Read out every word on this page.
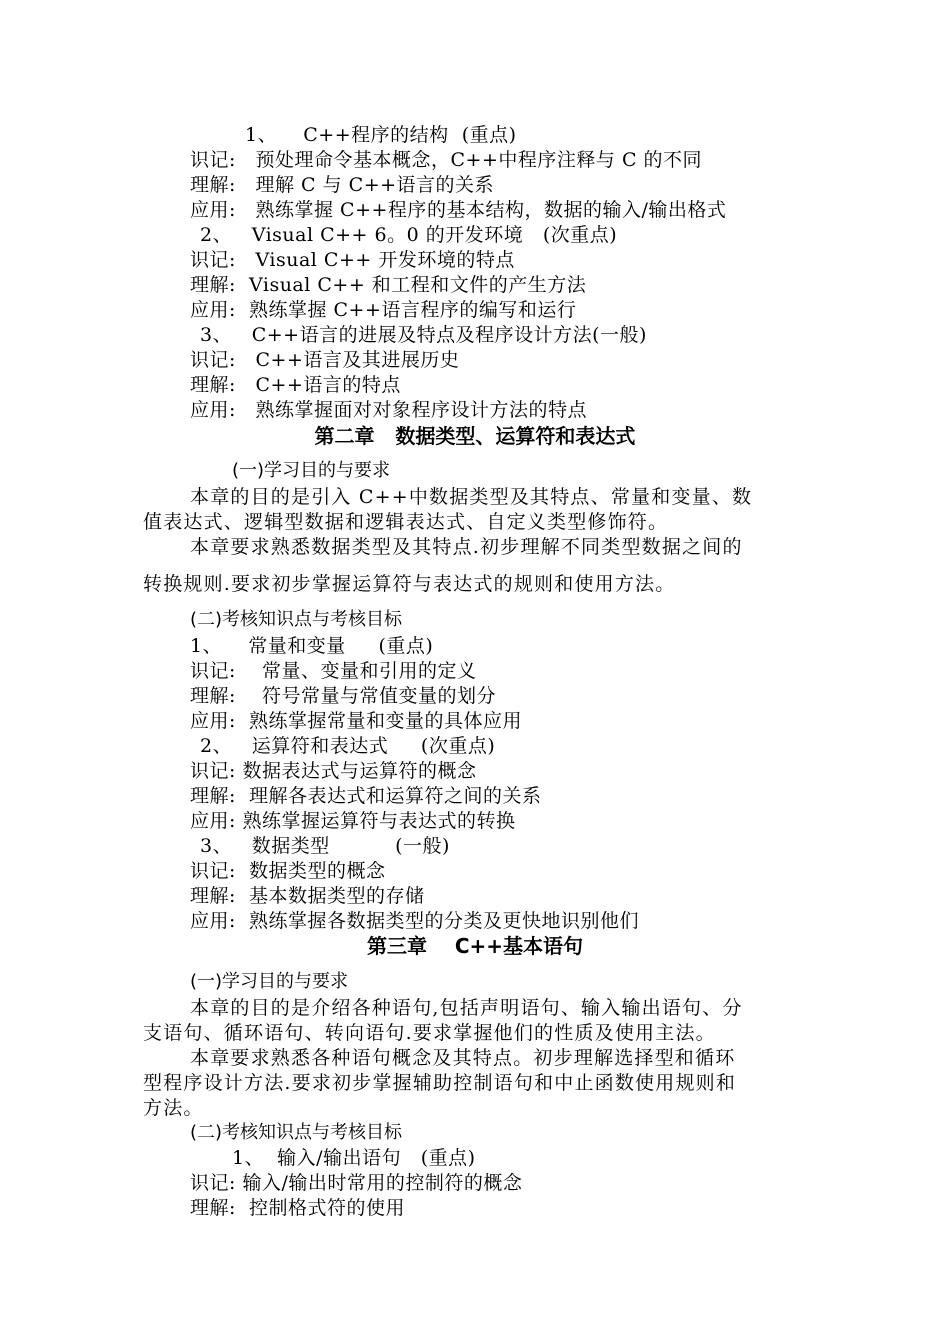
1、    C++程序的结构  (重点)
识记:   预处理命令基本概念，C++中程序注释与 C 的不同
理解:   理解 C 与 C++语言的关系
应用:   熟练掌握 C++程序的基本结构，数据的输入/输出格式
2、   Visual C++ 6。0 的开发环境   (次重点)
识记:   Visual C++ 开发环境的特点
理解:  Visual C++ 和工程和文件的产生方法
应用:  熟练掌握 C++语言程序的编写和运行
3、   C++语言的进展及特点及程序设计方法(一般)
识记:   C++语言及其进展历史
理解:   C++语言的特点
应用:   熟练掌握面对对象程序设计方法的特点
第二章   数据类型、运算符和表达式
(一)学习目的与要求
本章的目的是引入 C++中数据类型及其特点、常量和变量、数
值表达式、逻辑型数据和逻辑表达式、自定义类型修饰符。
本章要求熟悉数据类型及其特点.初步理解不同类型数据之间的
转换规则.要求初步掌握运算符与表达式的规则和使用方法。
(二)考核知识点与考核目标
1、    常量和变量     (重点)
识记:    常量、变量和引用的定义
理解:    符号常量与常值变量的划分
应用:  熟练掌握常量和变量的具体应用
2、   运算符和表达式     (次重点)
识记: 数据表达式与运算符的概念
理解:  理解各表达式和运算符之间的关系
应用: 熟练掌握运算符与表达式的转换
3、   数据类型          (一般)
识记:  数据类型的概念
理解:  基本数据类型的存储
应用:  熟练掌握各数据类型的分类及更快地识别他们
第三章    C++基本语句
(一)学习目的与要求
本章的目的是介绍各种语句,包括声明语句、输入输出语句、分
支语句、循环语句、转向语句.要求掌握他们的性质及使用主法。
本章要求熟悉各种语句概念及其特点。初步理解选择型和循环
型程序设计方法.要求初步掌握辅助控制语句和中止函数使用规则和
方法。
(二)考核知识点与考核目标
1、  输入/输出语句   (重点)
识记: 输入/输出时常用的控制符的概念
理解:  控制格式符的使用
